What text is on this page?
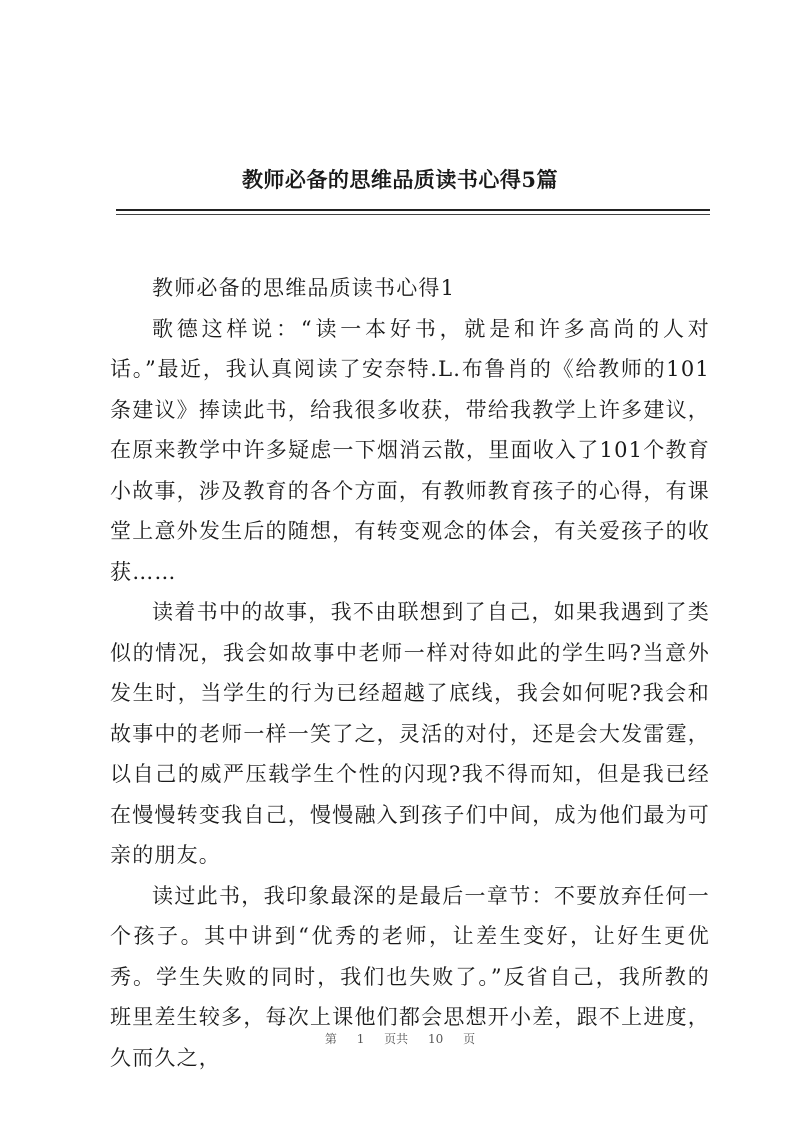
教师必备的思维品质读书心得5篇

教师必备的思维品质读书心得1

歌德这样说：“读一本好书，就是和许多高尚的人对话。”最近，我认真阅读了安奈特.L.布鲁肖的《给教师的101条建议》捧读此书，给我很多收获，带给我教学上许多建议，在原来教学中许多疑虑一下烟消云散，里面收入了101个教育小故事，涉及教育的各个方面，有教师教育孩子的心得，有课堂上意外发生后的随想，有转变观念的体会，有关爱孩子的收获……

读着书中的故事，我不由联想到了自己，如果我遇到了类似的情况，我会如故事中老师一样对待如此的学生吗?当意外发生时，当学生的行为已经超越了底线，我会如何呢?我会和故事中的老师一样一笑了之，灵活的对付，还是会大发雷霆，以自己的威严压载学生个性的闪现?我不得而知，但是我已经在慢慢转变我自己，慢慢融入到孩子们中间，成为他们最为可亲的朋友。

读过此书，我印象最深的是最后一章节：不要放弃任何一个孩子。其中讲到“优秀的老师，让差生变好，让好生更优秀。学生失败的同时，我们也失败了。”反省自己，我所教的班里差生较多，每次上课他们都会思想开小差，跟不上进度，久而久之，

第 1 页共 10 页
